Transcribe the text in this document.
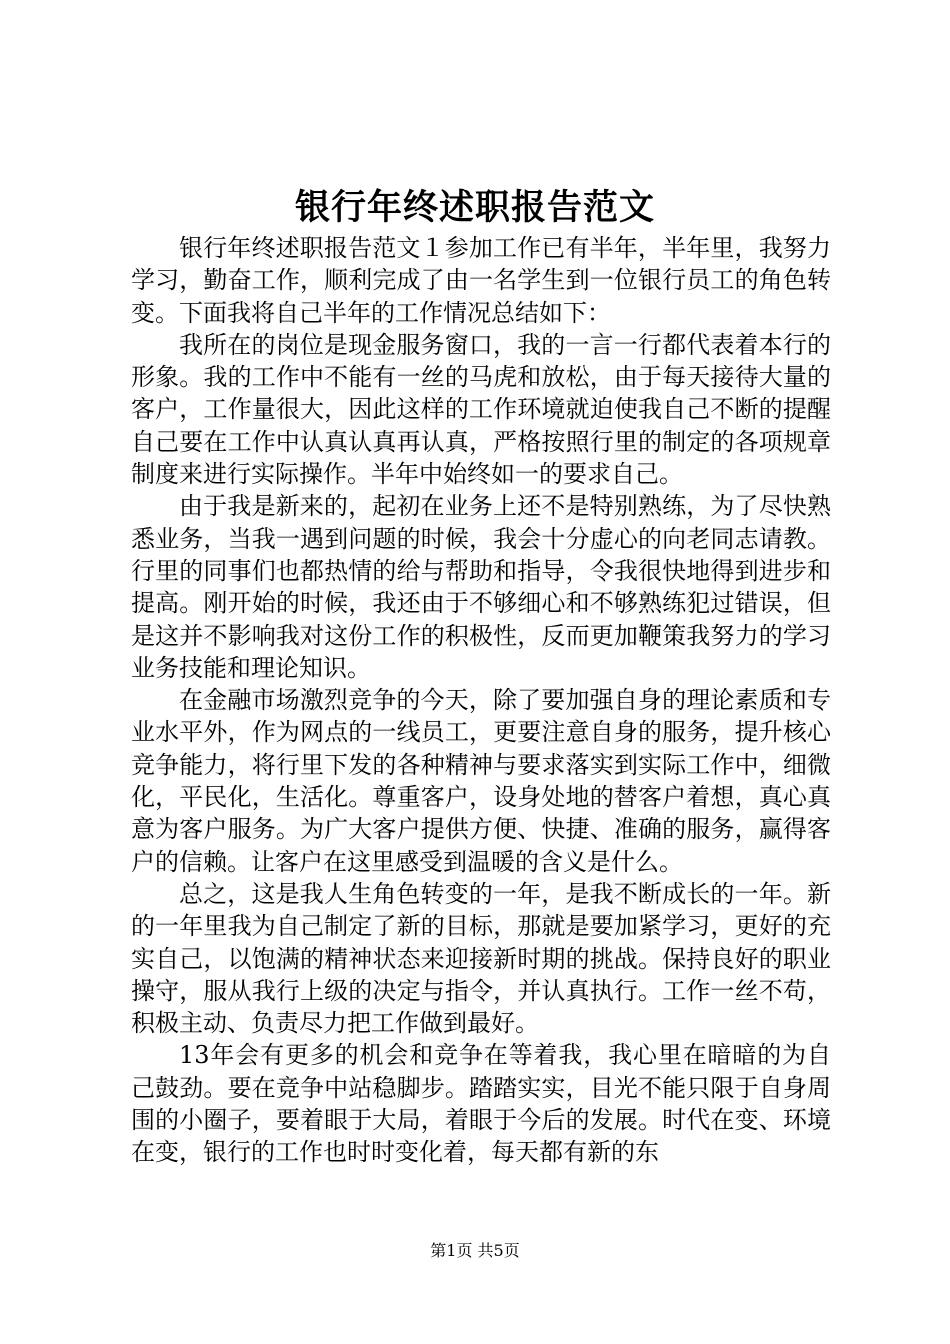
银行年终述职报告范文

银行年终述职报告范文１参加工作已有半年，半年里，我努力学习，勤奋工作，顺利完成了由一名学生到一位银行员工的角色转变。下面我将自己半年的工作情况总结如下：

我所在的岗位是现金服务窗口，我的一言一行都代表着本行的形象。我的工作中不能有一丝的马虎和放松，由于每天接待大量的客户，工作量很大，因此这样的工作环境就迫使我自己不断的提醒自己要在工作中认真认真再认真，严格按照行里的制定的各项规章制度来进行实际操作。半年中始终如一的要求自己。

由于我是新来的，起初在业务上还不是特别熟练，为了尽快熟悉业务，当我一遇到问题的时候，我会十分虚心的向老同志请教。行里的同事们也都热情的给与帮助和指导，令我很快地得到进步和提高。刚开始的时候，我还由于不够细心和不够熟练犯过错误，但是这并不影响我对这份工作的积极性，反而更加鞭策我努力的学习业务技能和理论知识。

在金融市场激烈竞争的今天，除了要加强自身的理论素质和专业水平外，作为网点的一线员工，更要注意自身的服务，提升核心竞争能力，将行里下发的各种精神与要求落实到实际工作中，细微化，平民化，生活化。尊重客户，设身处地的替客户着想，真心真意为客户服务。为广大客户提供方便、快捷、准确的服务，赢得客户的信赖。让客户在这里感受到温暖的含义是什么。

总之，这是我人生角色转变的一年，是我不断成长的一年。新的一年里我为自己制定了新的目标，那就是要加紧学习，更好的充实自己，以饱满的精神状态来迎接新时期的挑战。保持良好的职业操守，服从我行上级的决定与指令，并认真执行。工作一丝不苟，积极主动、负责尽力把工作做到最好。

13年会有更多的机会和竞争在等着我，我心里在暗暗的为自己鼓劲。要在竞争中站稳脚步。踏踏实实，目光不能只限于自身周围的小圈子，要着眼于大局，着眼于今后的发展。时代在变、环境在变，银行的工作也时时变化着，每天都有新的东

第1页 共5页
